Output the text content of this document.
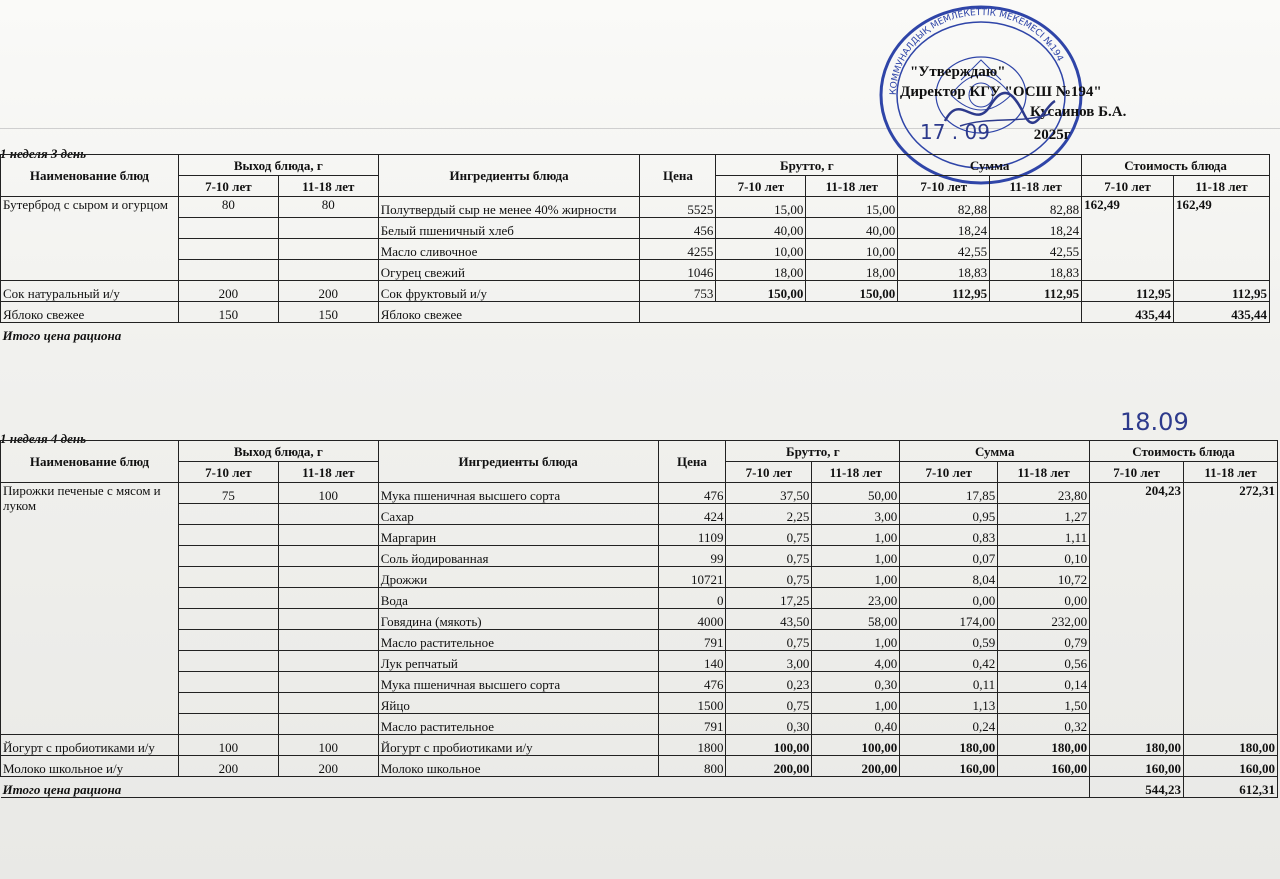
КОММУНАЛДЫҚ МЕМЛЕКЕТТІК МЕКЕМЕСІ №194
"Утверждаю"
Директор КГУ "ОСШ №194"
Кусаинов Б.А.
17 . 09	2025г
1 неделя 3 день
Наименование блюд	Выход блюда, г		Ингредиенты блюда	Цена	Брутто, г		Сумма		Стоимость блюда	

	7-10 лет	11-18 лет			7-10 лет	11-18 лет	7-10 лет	11-18 лет	7-10 лет	11-18 лет
Бутерброд с сыром и огурцом	80	80	Полутвердый сыр не менее 40% жирности	5525	15,00	15,00	82,88	82,88	162,49	162,49
			Белый пшеничный хлеб	456	40,00	40,00	18,24	18,24		
			Масло сливочное	4255	10,00	10,00	42,55	42,55		
			Огурец свежий	1046	18,00	18,00	18,83	18,83		
Сок натуральный и/у	200	200	Сок фруктовый и/у	753	150,00	150,00	112,95	112,95	112,95	112,95
Яблоко свежее	150	150	Яблоко свежее						435,44	435,44
Итого цена рациона										
18.09
1 неделя 4 день
Наименование блюд	Выход блюда, г		Ингредиенты блюда	Цена	Брутто, г		Сумма		Стоимость блюда	
	7-10 лет	11-18 лет			7-10 лет	11-18 лет	7-10 лет	11-18 лет	7-10 лет	11-18 лет
Пирожки печеные с мясом и луком	75	100	Мука пшеничная высшего сорта	476	37,50	50,00	17,85	23,80	204,23	272,31
			Сахар	424	2,25	3,00	0,95	1,27		
			Маргарин	1109	0,75	1,00	0,83	1,11		
			Соль йодированная	99	0,75	1,00	0,07	0,10		
			Дрожжи	10721	0,75	1,00	8,04	10,72		
			Вода	0	17,25	23,00	0,00	0,00		
			Говядина (мякоть)	4000	43,50	58,00	174,00	232,00		
			Масло растительное	791	0,75	1,00	0,59	0,79		
			Лук репчатый	140	3,00	4,00	0,42	0,56		
			Мука пшеничная высшего сорта	476	0,23	0,30	0,11	0,14		
			Яйцо	1500	0,75	1,00	1,13	1,50		
			Масло растительное	791	0,30	0,40	0,24	0,32		
Йогурт с пробиотиками и/у	100	100	Йогурт с пробиотиками и/у	1800	100,00	100,00	180,00	180,00	180,00	180,00
Молоко школьное и/у	200	200	Молоко школьное	800	200,00	200,00	160,00	160,00	160,00	160,00
Итого цена рациона									544,23	612,31
